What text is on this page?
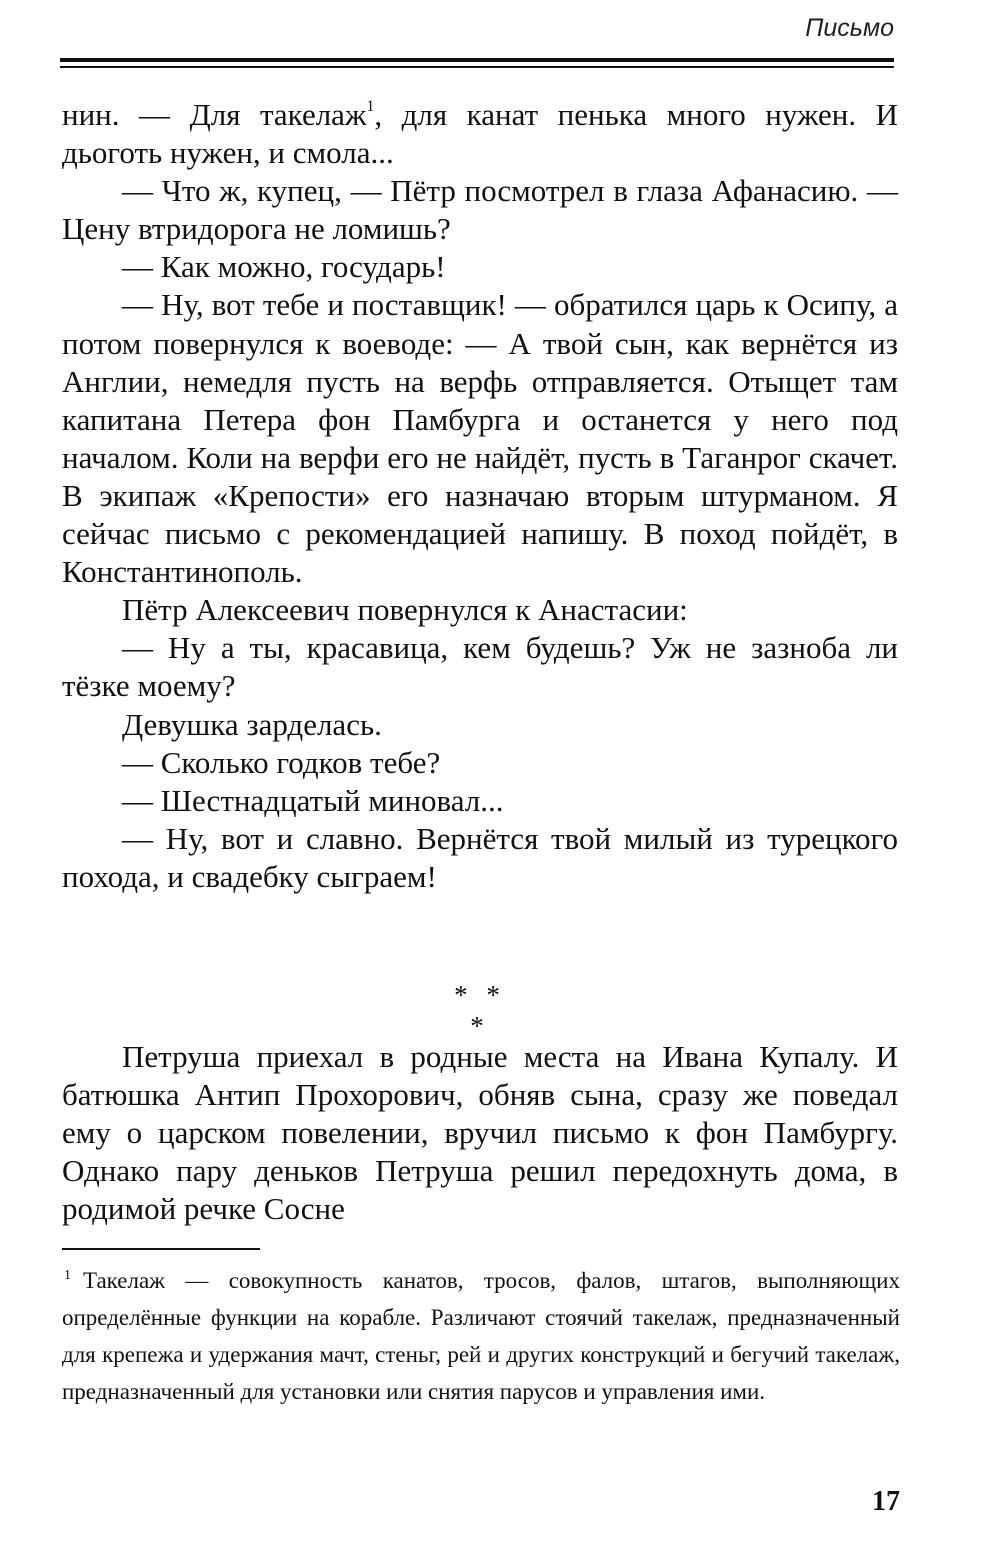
Письмо

нин. — Для такелаж$^1$, для канат пенька много нужен. И дьоготь нужен, и смола...

— Что ж, купец, — Пётр посмотрел в глаза Афанасию. — Цену втридорога не ломишь?

— Как можно, государь!

— Ну, вот тебе и поставщик! — обратился царь к Осипу, а потом повернулся к воеводе: — А твой сын, как вернётся из Англии, немедля пусть на верфь отправляется. Отыщет там капитана Петера фон Памбурга и останется у него под началом. Коли на верфи его не найдёт, пусть в Таганрог скачет. В экипаж «Крепости» его назначаю вторым штурманом. Я сейчас письмо с рекомендацией напишу. В поход пойдёт, в Константинополь.

Пётр Алексеевич повернулся к Анастасии:

— Ну а ты, красавица, кем будешь? Уж не зазноба ли тёзке моему?

Девушка зарделась.

— Сколько годков тебе?

— Шестнадцатый миновал...

— Ну, вот и славно. Вернётся твой милый из турецкого похода, и свадебку сыграем!

* * *

Петруша приехал в родные места на Ивана Купалу. И батюшка Антип Прохорович, обняв сына, сразу же поведал ему о царском повелении, вручил письмо к фон Памбургу. Однако пару деньков Петруша решил передохнуть дома, в родимой речке Сосне

$^1$ Такелаж — совокупность канатов, тросов, фалов, штагов, выполняющих определённые функции на корабле. Различают стоячий такелаж, предназначенный для крепежа и удержания мачт, стеньг, рей и других конструкций и бегучий такелаж, предназначенный для установки или снятия парусов и управления ими.

17
